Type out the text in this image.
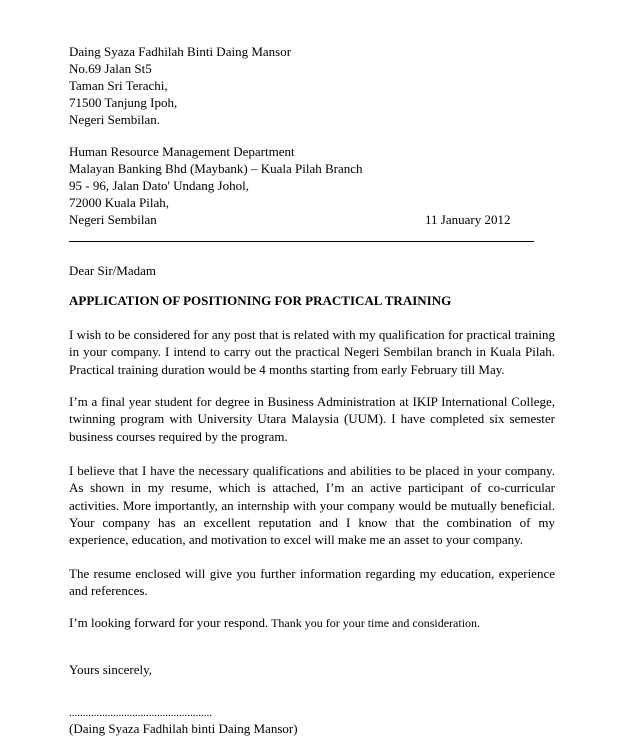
Daing Syaza Fadhilah Binti Daing Mansor
No.69 Jalan St5
Taman Sri Terachi,
71500 Tanjung Ipoh,
Negeri Sembilan.
Human Resource Management Department
Malayan Banking Bhd (Maybank) – Kuala Pilah Branch
95 - 96, Jalan Dato' Undang Johol,
72000 Kuala Pilah,
Negeri Sembilan	11 January 2012
Dear Sir/Madam
APPLICATION OF POSITIONING FOR PRACTICAL TRAINING
I wish to be considered for any post that is related with my qualification for practical training in your company. I intend to carry out the practical Negeri Sembilan branch in Kuala Pilah. Practical training duration would be 4 months starting from early February till May.
I’m a final year student for degree in Business Administration at IKIP International College, twinning program with University Utara Malaysia (UUM). I have completed six semester business courses required by the program.
I believe that I have the necessary qualifications and abilities to be placed in your company. As shown in my resume, which is attached, I’m an active participant of co-curricular activities. More importantly, an internship with your company would be mutually beneficial. Your company has an excellent reputation and I know that the combination of my experience, education, and motivation to excel will make me an asset to your company.
The resume enclosed will give you further information regarding my education, experience and references.
I’m looking forward for your respond. Thank you for your time and consideration.
Yours sincerely,
....................................................
(Daing Syaza Fadhilah binti Daing Mansor)
